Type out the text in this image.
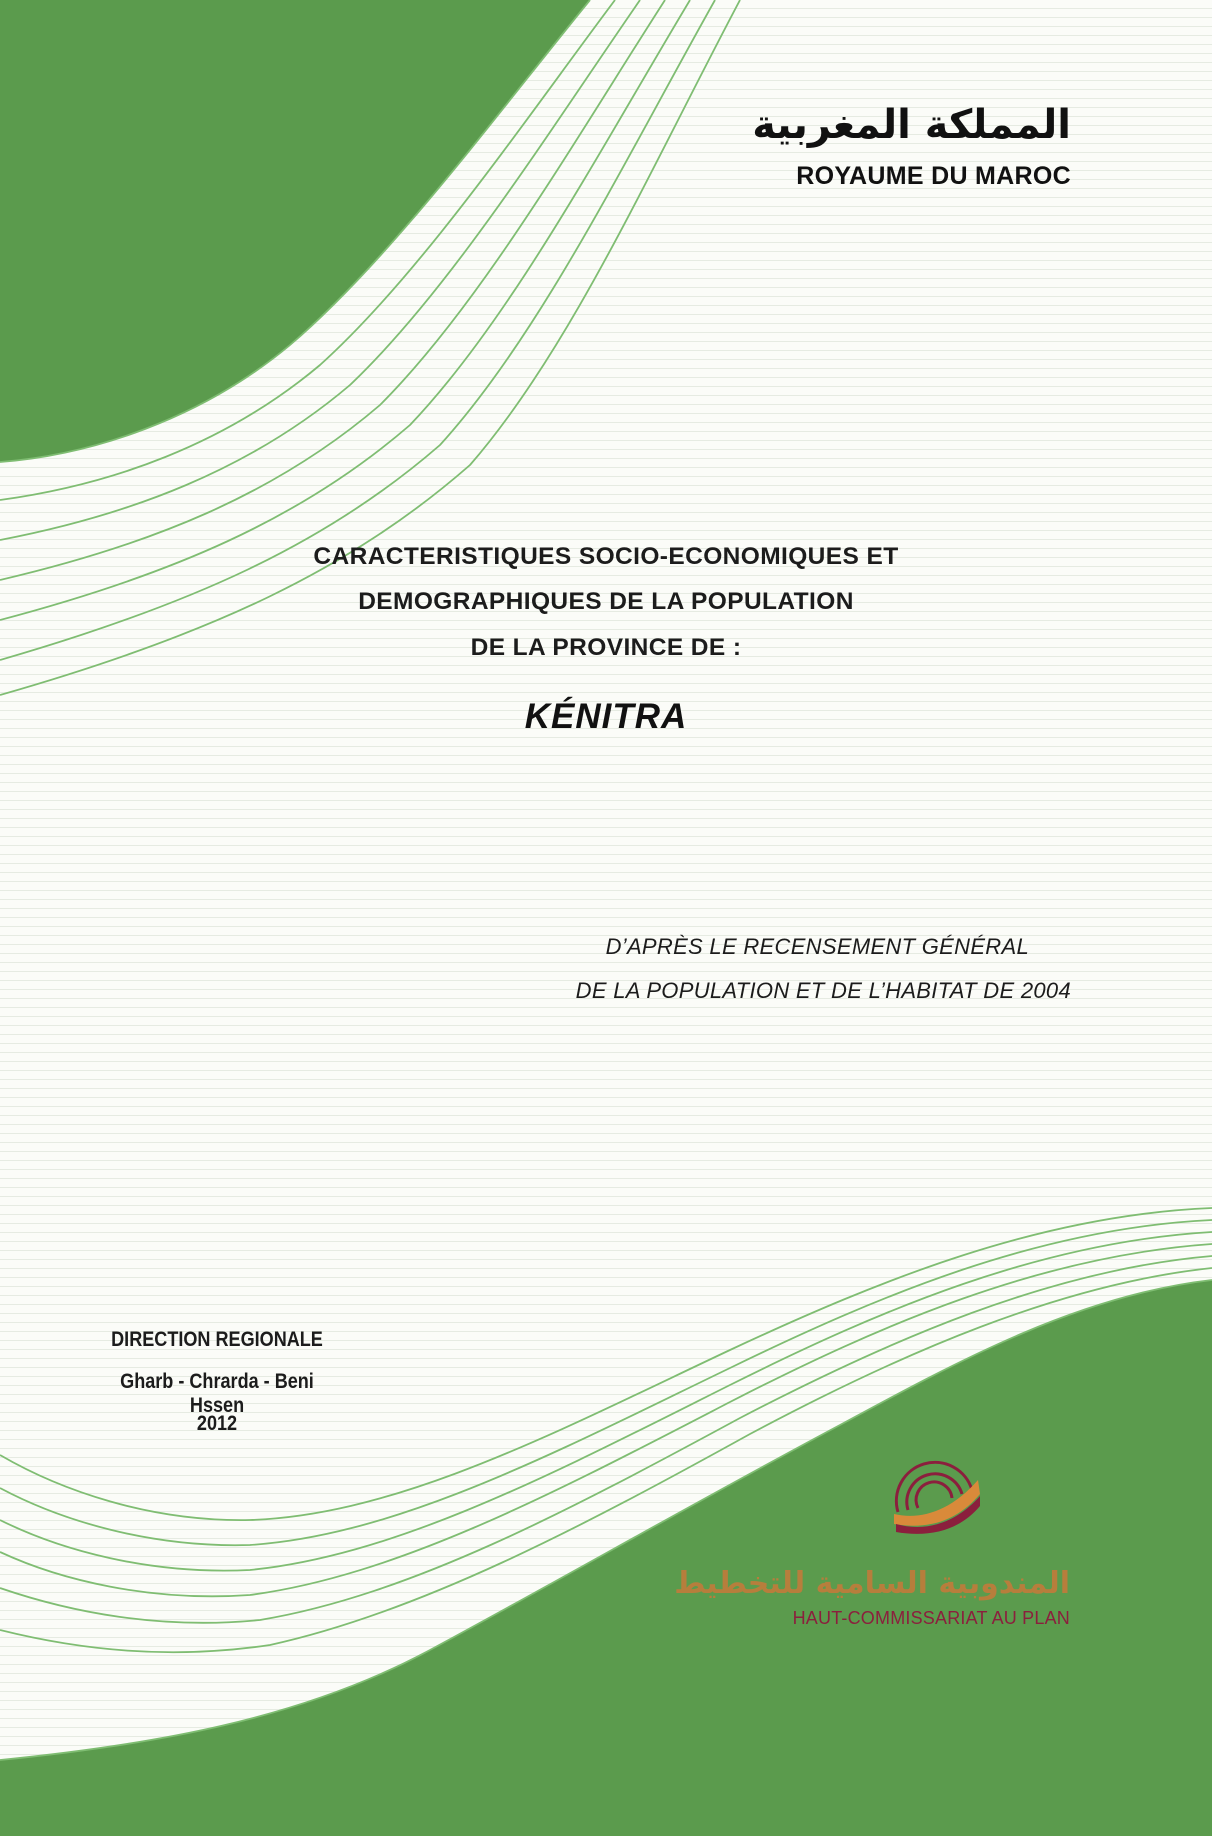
المملكة المغربية
ROYAUME DU MAROC
CARACTERISTIQUES SOCIO-ECONOMIQUES ET
DEMOGRAPHIQUES DE LA POPULATION
DE LA PROVINCE DE :
KÉNITRA
D’APRÈS LE RECENSEMENT GÉNÉRAL
DE LA POPULATION ET DE L’HABITAT DE 2004
DIRECTION REGIONALE
Gharb - Chrarda - Beni Hssen
2012
المندوبية السامية للتخطيط
HAUT-COMMISSARIAT AU PLAN
